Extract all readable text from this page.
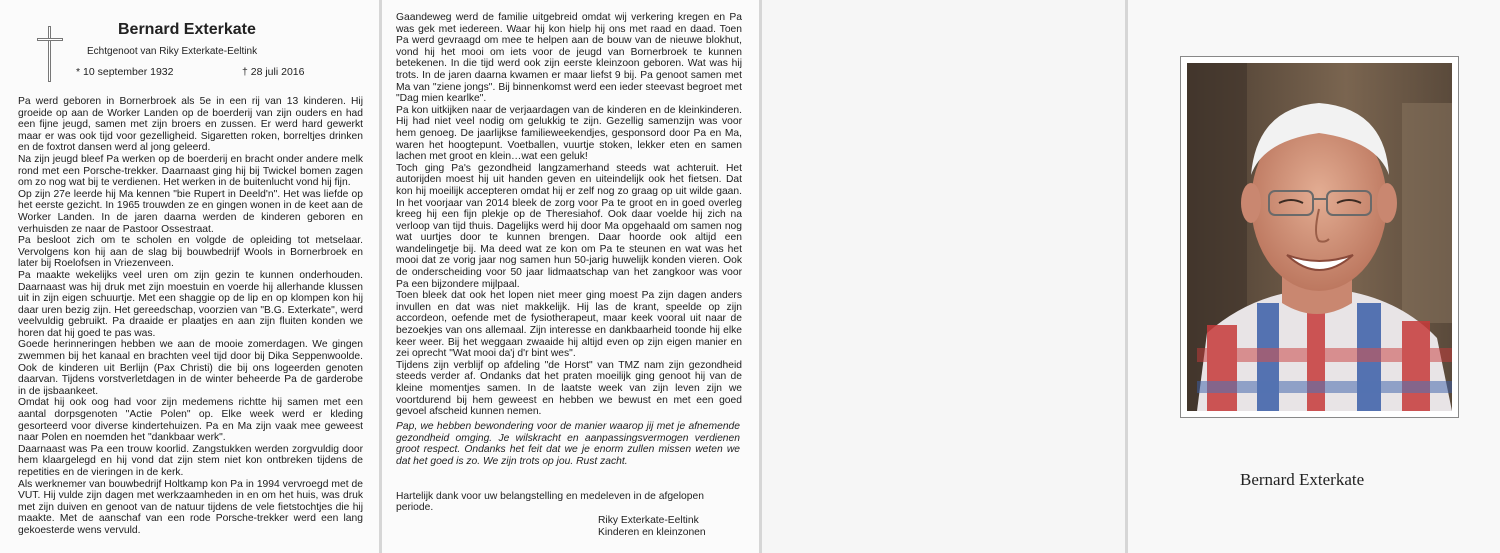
Bernard Exterkate
Echtgenoot van Riky Exterkate-Eeltink
* 10 september 1932	† 28 juli 2016

Pa werd geboren in Bornerbroek als 5e in een rij van 13 kinderen. Hij groeide op aan de Worker Landen op de boerderij van zijn ouders en had een fijne jeugd, samen met zijn broers en zussen. Er werd hard gewerkt maar er was ook tijd voor gezelligheid. Sigaretten roken, borreltjes drinken en de foxtrot dansen werd al jong geleerd.

Na zijn jeugd bleef Pa werken op de boerderij en bracht onder andere melk rond met een Porsche-trekker. Daarnaast ging hij bij Twickel bomen zagen om zo nog wat bij te verdienen. Het werken in de buitenlucht vond hij fijn.

Op zijn 27e leerde hij Ma kennen "bie Rupert in Deeld'n". Het was liefde op het eerste gezicht. In 1965 trouwden ze en gingen wonen in de keet aan de Worker Landen. In de jaren daarna werden de kinderen geboren en verhuisden ze naar de Pastoor Ossestraat.

Pa besloot zich om te scholen en volgde de opleiding tot metselaar. Vervolgens kon hij aan de slag bij bouwbedrijf Wools in Bornerbroek en later bij Roelofsen in Vriezenveen.

Pa maakte wekelijks veel uren om zijn gezin te kunnen onderhouden. Daarnaast was hij druk met zijn moestuin en voerde hij allerhande klussen uit in zijn eigen schuurtje. Met een shaggie op de lip en op klompen kon hij daar uren bezig zijn. Het gereedschap, voorzien van "B.G. Exterkate", werd veelvuldig gebruikt. Pa draaide er plaatjes en aan zijn fluiten konden we horen dat hij goed te pas was.

Goede herinneringen hebben we aan de mooie zomerdagen. We gingen zwemmen bij het kanaal en brachten veel tijd door bij Dika Seppenwoolde. Ook de kinderen uit Berlijn (Pax Christi) die bij ons logeerden genoten daarvan. Tijdens vorstverletdagen in de winter beheerde Pa de garderobe in de ijsbaankeet.

Omdat hij ook oog had voor zijn medemens richtte hij samen met een aantal dorpsgenoten "Actie Polen" op. Elke week werd er kleding gesorteerd voor diverse kindertehuizen. Pa en Ma zijn vaak mee geweest naar Polen en noemden het "dankbaar werk".

Daarnaast was Pa een trouw koorlid. Zangstukken werden zorgvuldig door hem klaargelegd en hij vond dat zijn stem niet kon ontbreken tijdens de repetities en de vieringen in de kerk.

Als werknemer van bouwbedrijf Holtkamp kon Pa in 1994 vervroegd met de VUT. Hij vulde zijn dagen met werkzaamheden in en om het huis, was druk met zijn duiven en genoot van de natuur tijdens de vele fietstochtjes die hij maakte. Met de aanschaf van een rode Porsche-trekker werd een lang gekoesterde wens vervuld.

Gaandeweg werd de familie uitgebreid omdat wij verkering kregen en Pa was gek met iedereen. Waar hij kon hielp hij ons met raad en daad. Toen Pa werd gevraagd om mee te helpen aan de bouw van de nieuwe blokhut, vond hij het mooi om iets voor de jeugd van Bornerbroek te kunnen betekenen. In die tijd werd ook zijn eerste kleinzoon geboren. Wat was hij trots. In de jaren daarna kwamen er maar liefst 9 bij. Pa genoot samen met Ma van "ziene jongs". Bij binnenkomst werd een ieder steevast begroet met "Dag mien kearlke".

Pa kon uitkijken naar de verjaardagen van de kinderen en de kleinkinderen. Hij had niet veel nodig om gelukkig te zijn. Gezellig samenzijn was voor hem genoeg. De jaarlijkse familieweekendjes, gesponsord door Pa en Ma, waren het hoogtepunt. Voetballen, vuurtje stoken, lekker eten en samen lachen met groot en klein…wat een geluk!

Toch ging Pa's gezondheid langzamerhand steeds wat achteruit. Het autorijden moest hij uit handen geven en uiteindelijk ook het fietsen. Dat kon hij moeilijk accepteren omdat hij er zelf nog zo graag op uit wilde gaan. In het voorjaar van 2014 bleek de zorg voor Pa te groot en in goed overleg kreeg hij een fijn plekje op de Theresiahof. Ook daar voelde hij zich na verloop van tijd thuis. Dagelijks werd hij door Ma opgehaald om samen nog wat uurtjes door te kunnen brengen. Daar hoorde ook altijd een wandelingetje bij. Ma deed wat ze kon om Pa te steunen en wat was het mooi dat ze vorig jaar nog samen hun 50-jarig huwelijk konden vieren. Ook de onderscheiding voor 50 jaar lidmaatschap van het zangkoor was voor Pa een bijzondere mijlpaal.

Toen bleek dat ook het lopen niet meer ging moest Pa zijn dagen anders invullen en dat was niet makkelijk. Hij las de krant, speelde op zijn accordeon, oefende met de fysiotherapeut, maar keek vooral uit naar de bezoekjes van ons allemaal. Zijn interesse en dankbaarheid toonde hij elke keer weer. Bij het weggaan zwaaide hij altijd even op zijn eigen manier en zei oprecht "Wat mooi da'j d'r bint wes".

Tijdens zijn verblijf op afdeling "de Horst" van TMZ nam zijn gezondheid steeds verder af. Ondanks dat het praten moeilijk ging genoot hij van de kleine momentjes samen. In de laatste week van zijn leven zijn we voortdurend bij hem geweest en hebben we bewust en met een goed gevoel afscheid kunnen nemen.

Pap, we hebben bewondering voor de manier waarop jij met je afnemende gezondheid omging. Je wilskracht en aanpassingsvermogen verdienen groot respect. Ondanks het feit dat we je enorm zullen missen weten we dat het goed is zo. We zijn trots op jou. Rust zacht.
Hartelijk dank voor uw belangstelling en medeleven in de afgelopen periode.
Riky Exterkate-Eeltink
Kinderen en kleinzonen
Bernard Exterkate
